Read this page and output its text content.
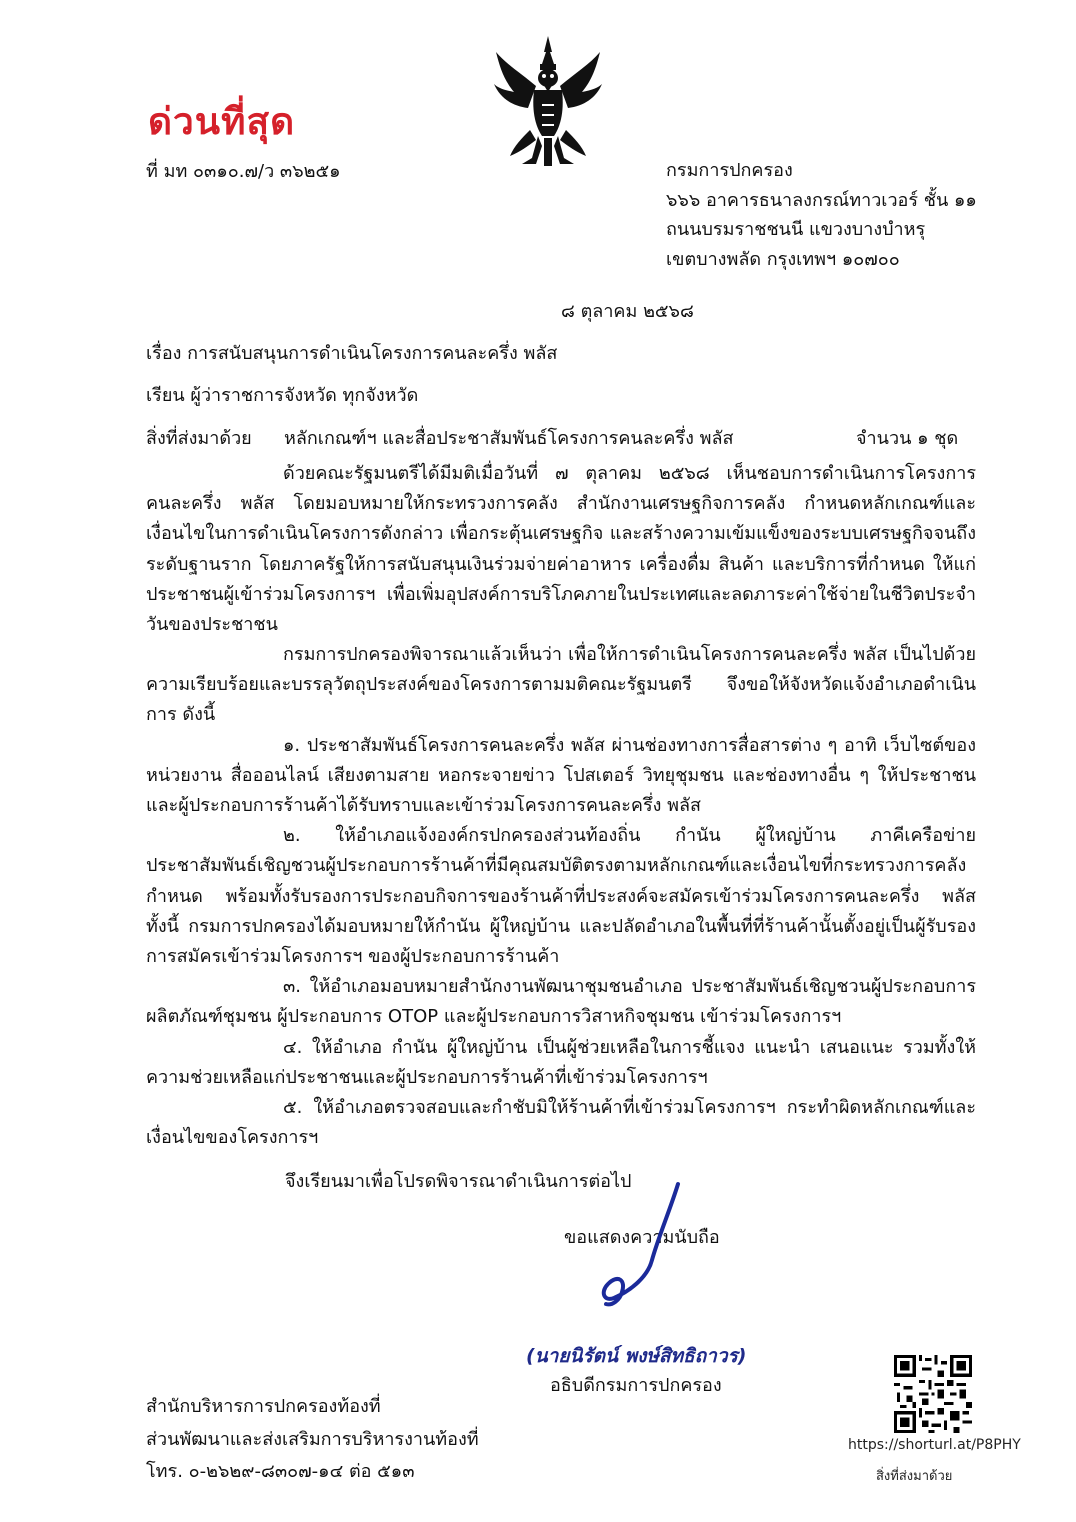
ด่วนที่สุด
ที่ มท ๐๓๑๐.๗/ว ๓๖๒๕๑	กรมการปกครอง
๖๖๖ อาคารธนาลงกรณ์ทาวเวอร์ ชั้น ๑๑
ถนนบรมราชชนนี แขวงบางบำหรุ
เขตบางพลัด กรุงเทพฯ ๑๐๗๐๐
๘ ตุลาคม ๒๕๖๘
เรื่อง การสนับสนุนการดำเนินโครงการคนละครึ่ง พลัส
เรียน ผู้ว่าราชการจังหวัด ทุกจังหวัด
สิ่งที่ส่งมาด้วย หลักเกณฑ์ฯ และสื่อประชาสัมพันธ์โครงการคนละครึ่ง พลัส	จำนวน ๑ ชุด

ด้วยคณะรัฐมนตรีได้มีมติเมื่อวันที่ ๗ ตุลาคม ๒๕๖๘ เห็นชอบการดำเนินการโครงการคนละครึ่ง พลัส โดยมอบหมายให้กระทรวงการคลัง สำนักงานเศรษฐกิจการคลัง กำหนดหลักเกณฑ์และเงื่อนไขในการดำเนินโครงการดังกล่าว เพื่อกระตุ้นเศรษฐกิจ และสร้างความเข้มแข็งของระบบเศรษฐกิจจนถึงระดับฐานราก โดยภาครัฐให้การสนับสนุนเงินร่วมจ่ายค่าอาหาร เครื่องดื่ม สินค้า และบริการที่กำหนด ให้แก่ประชาชนผู้เข้าร่วมโครงการฯ เพื่อเพิ่มอุปสงค์การบริโภคภายในประเทศและลดภาระค่าใช้จ่ายในชีวิตประจำวันของประชาชน

กรมการปกครองพิจารณาแล้วเห็นว่า เพื่อให้การดำเนินโครงการคนละครึ่ง พลัส เป็นไปด้วยความเรียบร้อยและบรรลุวัตถุประสงค์ของโครงการตามมติคณะรัฐมนตรี จึงขอให้จังหวัดแจ้งอำเภอดำเนินการ ดังนี้

๑. ประชาสัมพันธ์โครงการคนละครึ่ง พลัส ผ่านช่องทางการสื่อสารต่าง ๆ อาทิ เว็บไซต์ของหน่วยงาน สื่อออนไลน์ เสียงตามสาย หอกระจายข่าว โปสเตอร์ วิทยุชุมชน และช่องทางอื่น ๆ ให้ประชาชนและผู้ประกอบการร้านค้าได้รับทราบและเข้าร่วมโครงการคนละครึ่ง พลัส

๒. ให้อำเภอแจ้งองค์กรปกครองส่วนท้องถิ่น กำนัน ผู้ใหญ่บ้าน ภาคีเครือข่าย ประชาสัมพันธ์เชิญชวนผู้ประกอบการร้านค้าที่มีคุณสมบัติตรงตามหลักเกณฑ์และเงื่อนไขที่กระทรวงการคลังกำหนด พร้อมทั้งรับรองการประกอบกิจการของร้านค้าที่ประสงค์จะสมัครเข้าร่วมโครงการคนละครึ่ง พลัส ทั้งนี้ กรมการปกครองได้มอบหมายให้กำนัน ผู้ใหญ่บ้าน และปลัดอำเภอในพื้นที่ที่ร้านค้านั้นตั้งอยู่เป็นผู้รับรองการสมัครเข้าร่วมโครงการฯ ของผู้ประกอบการร้านค้า

๓. ให้อำเภอมอบหมายสำนักงานพัฒนาชุมชนอำเภอ ประชาสัมพันธ์เชิญชวนผู้ประกอบการผลิตภัณฑ์ชุมชน ผู้ประกอบการ OTOP และผู้ประกอบการวิสาหกิจชุมชน เข้าร่วมโครงการฯ

๔. ให้อำเภอ กำนัน ผู้ใหญ่บ้าน เป็นผู้ช่วยเหลือในการชี้แจง แนะนำ เสนอแนะ รวมทั้งให้ความช่วยเหลือแก่ประชาชนและผู้ประกอบการร้านค้าที่เข้าร่วมโครงการฯ

๕. ให้อำเภอตรวจสอบและกำชับมิให้ร้านค้าที่เข้าร่วมโครงการฯ กระทำผิดหลักเกณฑ์และเงื่อนไขของโครงการฯ

จึงเรียนมาเพื่อโปรดพิจารณาดำเนินการต่อไป
ขอแสดงความนับถือ
(นายนิรัตน์ พงษ์สิทธิถาวร)
อธิบดีกรมการปกครอง
สำนักบริหารการปกครองท้องที่
ส่วนพัฒนาและส่งเสริมการบริหารงานท้องที่
โทร. ๐-๒๖๒๙-๘๓๐๗-๑๔ ต่อ ๕๑๓
https://shorturl.at/P8PHY
สิ่งที่ส่งมาด้วย
